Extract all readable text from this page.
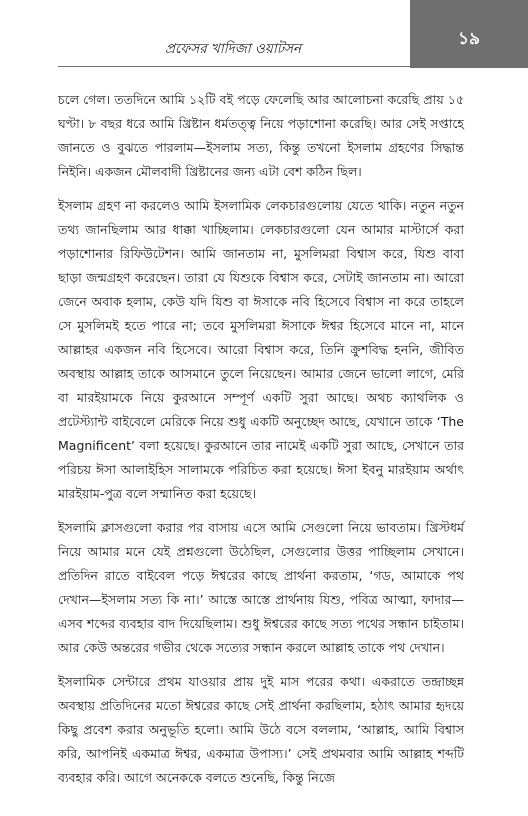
প্রফেসর খাদিজা ওয়াটসন	১৯

চলে গেল। ততদিনে আমি ১২টি বই পড়ে ফেলেছি আর আলোচনা করেছি প্রায় ১৫ ঘণ্টা। ৮ বছর ধরে আমি খ্রিষ্টান ধর্মতত্ত্ব নিয়ে পড়াশোনা করেছি। আর সেই সপ্তাহে জানতে ও বুঝতে পারলাম—ইসলাম সত্য, কিন্তু তখনো ইসলাম গ্রহণের সিদ্ধান্ত নিইনি। একজন মৌলবাদী খ্রিষ্টানের জন্য এটা বেশ কঠিন ছিল।

ইসলাম গ্রহণ না করলেও আমি ইসলামিক লেকচারগুলোয় যেতে থাকি। নতুন নতুন তথ্য জানছিলাম আর ধাক্কা খাচ্ছিলাম। লেকচারগুলো যেন আমার মাস্টার্সে করা পড়াশোনার রিফিউটেশন। আমি জানতাম না, মুসলিমরা বিশ্বাস করে, যিশু বাবা ছাড়া জন্মগ্রহণ করেছেন। তারা যে যিশুকে বিশ্বাস করে, সেটাই জানতাম না। আরো জেনে অবাক হলাম, কেউ যদি যিশু বা ঈসাকে নবি হিসেবে বিশ্বাস না করে তাহলে সে মুসলিমই হতে পারে না; তবে মুসলিমরা ঈসাকে ঈশ্বর হিসেবে মানে না, মানে আল্লাহর একজন নবি হিসেবে। আরো বিশ্বাস করে, তিনি ক্রুশবিদ্ধ হননি, জীবিত অবস্থায় আল্লাহ তাকে আসমানে তুলে নিয়েছেন। আমার জেনে ভালো লাগে, মেরি বা মারইয়ামকে নিয়ে কুরআনে সম্পূর্ণ একটি সুরা আছে। অথচ ক্যাথলিক ও প্রটেস্ট্যান্ট বাইবেলে মেরিকে নিয়ে শুধু একটি অনুচ্ছেদ আছে, যেখানে তাকে ‘The Magnificent’ বলা হয়েছে। কুরআনে তার নামেই একটি সুরা আছে, সেখানে তার পরিচয় ঈসা আলাইহিস সালামকে পরিচিত করা হয়েছে। ঈসা ইবনু মারইয়াম অর্থাৎ মারইয়াম-পুত্র বলে সম্মানিত করা হয়েছে।

ইসলামি ক্লাসগুলো করার পর বাসায় এসে আমি সেগুলো নিয়ে ভাবতাম। খ্রিস্টধর্ম নিয়ে আমার মনে যেই প্রশ্নগুলো উঠেছিল, সেগুলোর উত্তর পাচ্ছিলাম সেখানে। প্রতিদিন রাতে বাইবেল পড়ে ঈশ্বরের কাছে প্রার্থনা করতাম, ‘গড, আমাকে পথ দেখান—ইসলাম সত্য কি না।’ আস্তে আস্তে প্রার্থনায় যিশু, পবিত্র আত্মা, ফাদার—এসব শব্দের ব্যবহার বাদ দিয়েছিলাম। শুধু ঈশ্বরের কাছে সত্য পথের সন্ধান চাইতাম। আর কেউ অন্তরের গভীর থেকে সত্যের সন্ধান করলে আল্লাহ তাকে পথ দেখান।

ইসলামিক সেন্টারে প্রথম যাওয়ার প্রায় দুই মাস পরের কথা। একরাতে তন্দ্রাচ্ছন্ন অবস্থায় প্রতিদিনের মতো ঈশ্বরের কাছে সেই প্রার্থনা করছিলাম, হঠাৎ আমার হৃদয়ে কিছু প্রবেশ করার অনুভূতি হলো। আমি উঠে বসে বললাম, ‘আল্লাহ, আমি বিশ্বাস করি, আপনিই একমাত্র ঈশ্বর, একমাত্র উপাস্য।’ সেই প্রথমবার আমি আল্লাহ শব্দটি ব্যবহার করি। আগে অনেককে বলতে শুনেছি, কিন্তু নিজে
